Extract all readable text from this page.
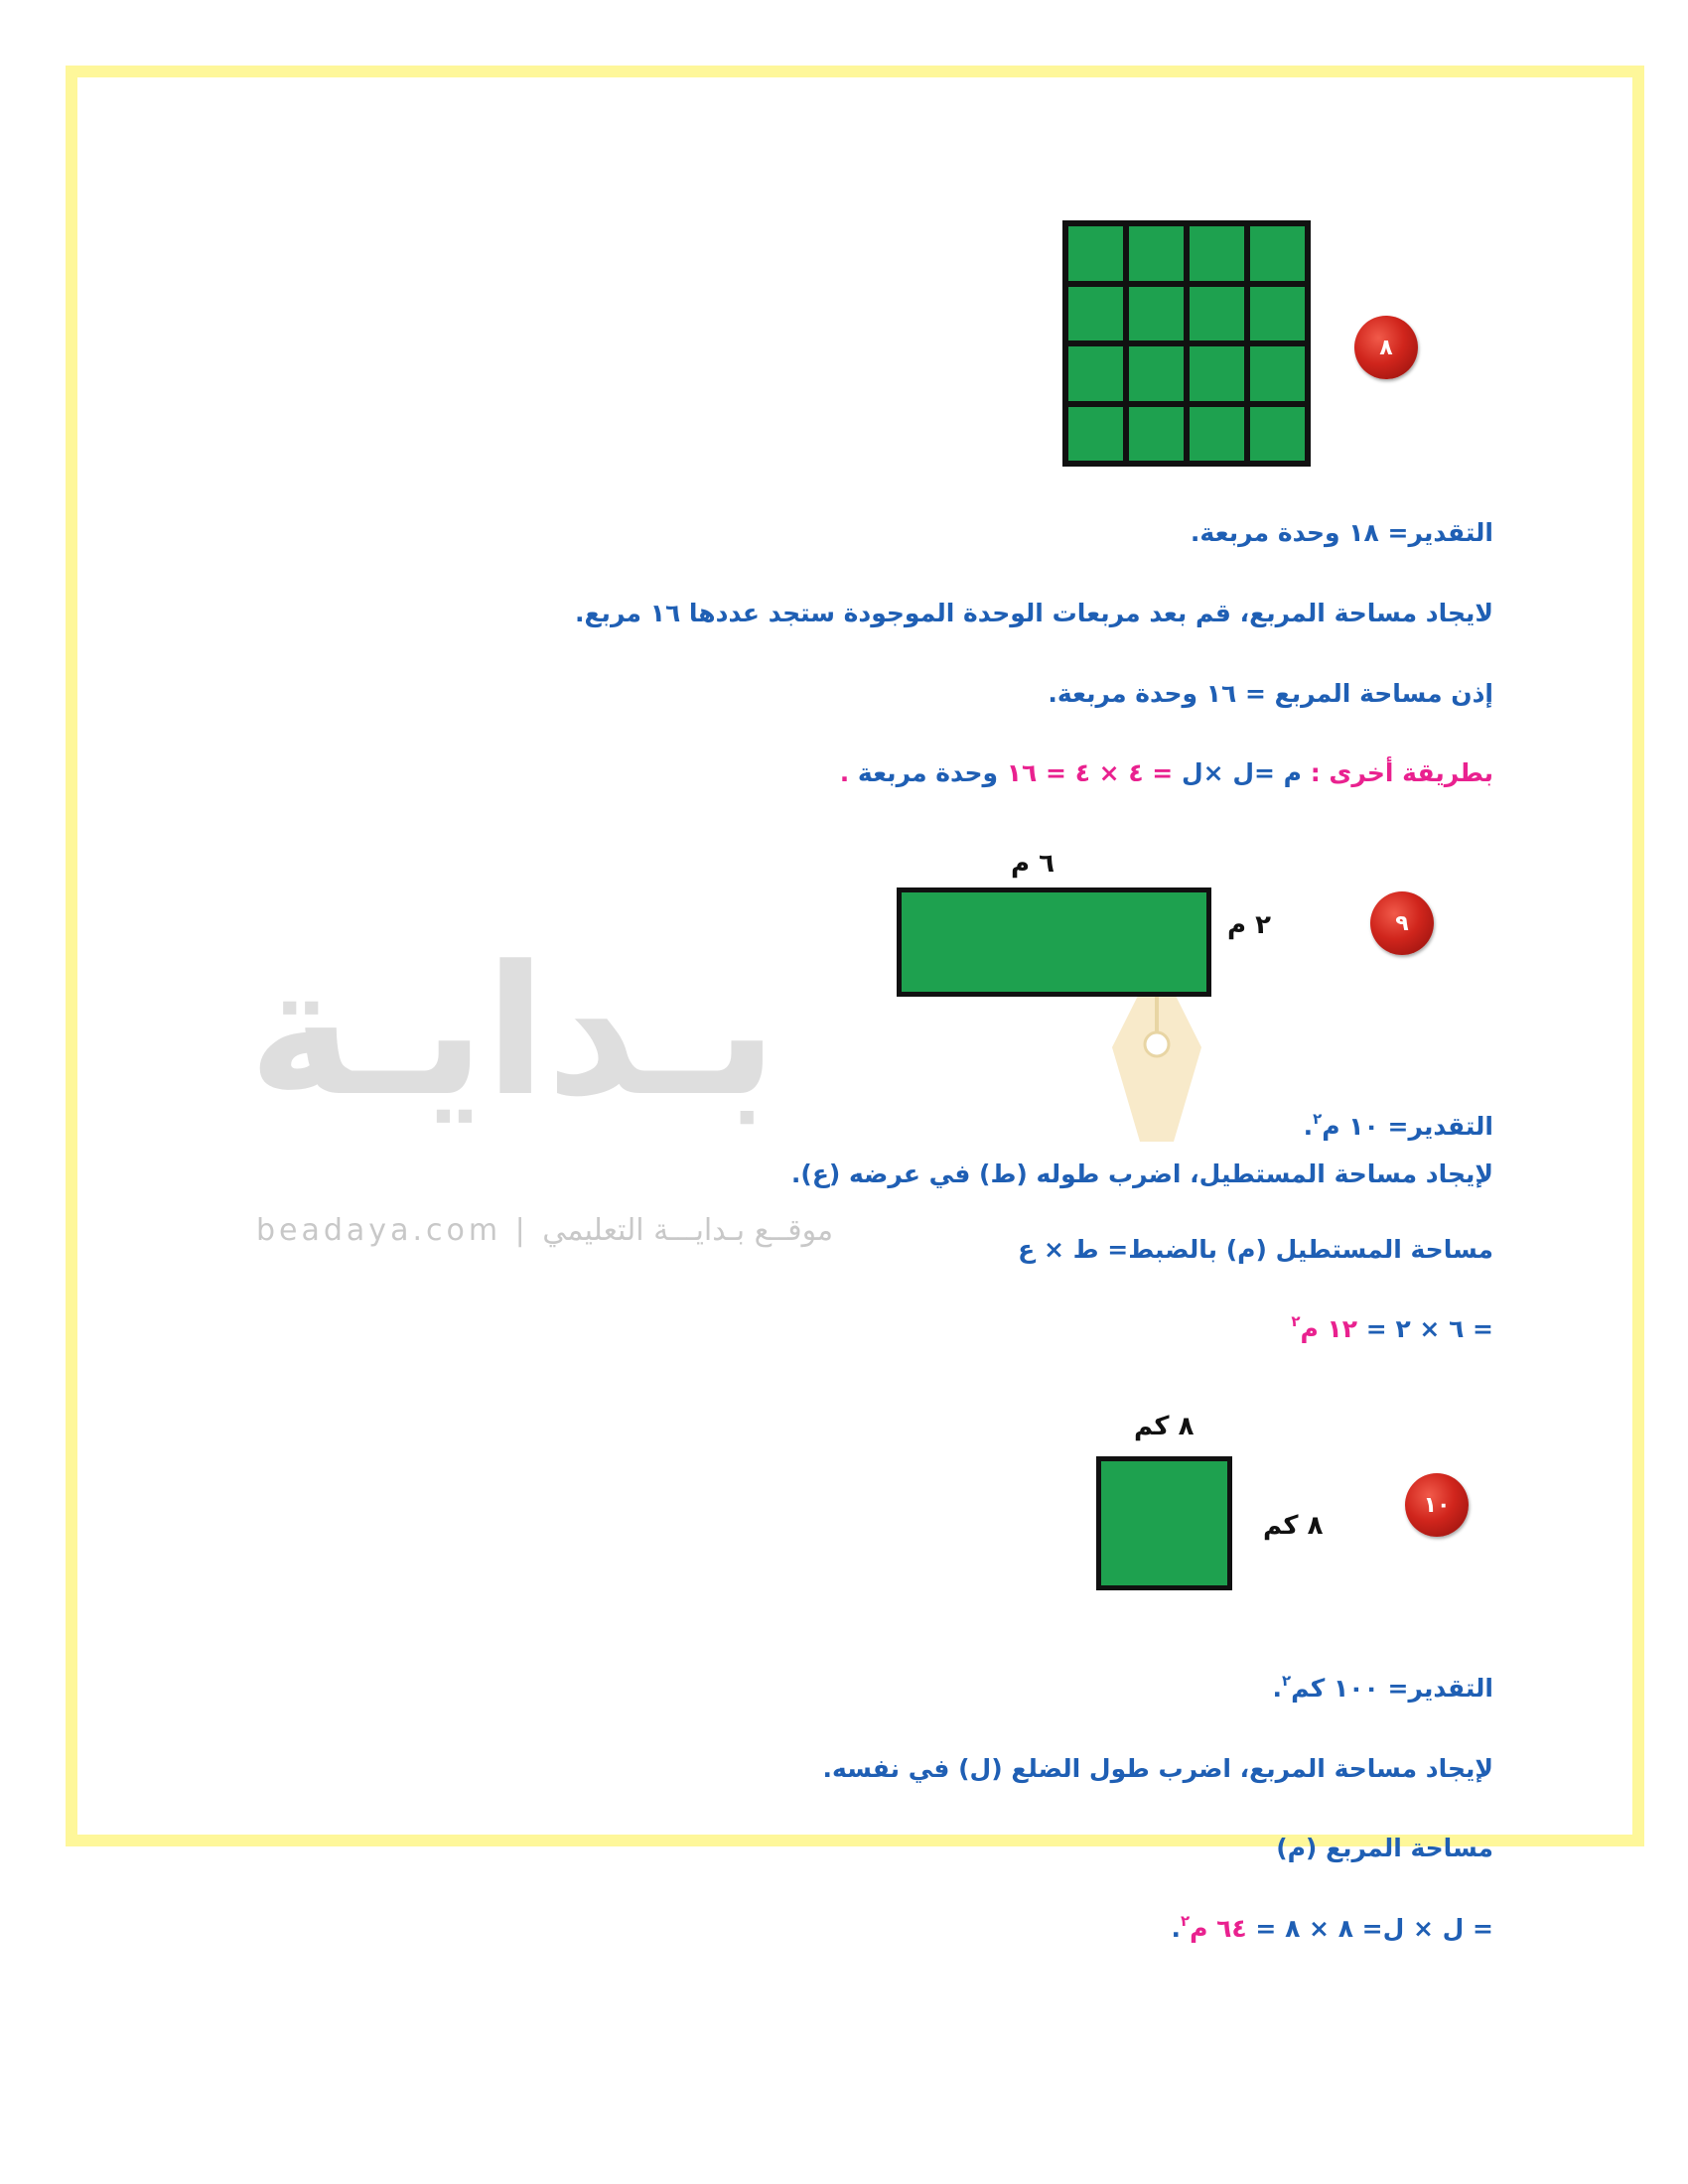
بـدايـة
beadaya.com | موقــع بـدايـــة التعليمي
٨
التقدير= ١٨ وحدة مربعة.
لايجاد مساحة المربع، قم بعد مربعات الوحدة الموجودة ستجد عددها ١٦ مربع.
إذن مساحة المربع = ١٦ وحدة مربعة.
بطريقة أخرى : م =ل ×ل = ٤ × ٤ = ١٦ وحدة مربعة .
٦ م
٢ م	٩
التقدير= ١٠ م$^٢$.
لإيجاد مساحة المستطيل، اضرب طوله (ط) في عرضه (ع).
مساحة المستطيل (م) بالضبط= ط × ع
= ٦ × ٢ = ١٢ م$^٢$
٨ كم
٨ كم
١٠
التقدير= ١٠٠ كم$^٢$.
لإيجاد مساحة المربع، اضرب طول الضلع (ل) في نفسه.
مساحة المربع (م)
= ل × ل= ٨ × ٨ = ٦٤ م$^٢$.
